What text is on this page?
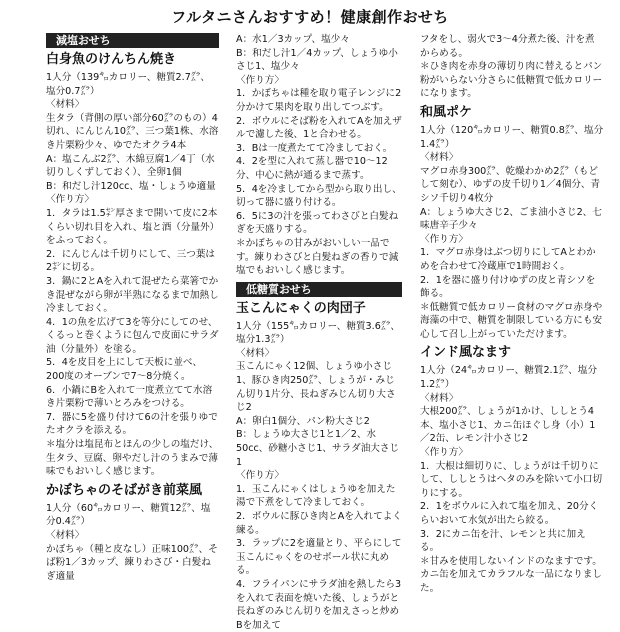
フルタニさんおすすめ！健康創作おせち
減塩おせち
白身魚のけんちん焼き
1人分（139㌔カロリー、糖質2.7㌘、塩分0.7㌘）
〈材料〉
生タラ（背側の厚い部分60㌘のもの）4切れ、にんじん10㌘、三つ葉1株、水溶き片栗粉少々、ゆでたオクラ4本
A：塩こんぶ2㌘、木綿豆腐1／4丁（水切りしくずしておく）、全卵1個
B：和だし汁120cc、塩・しょうゆ適量
〈作り方〉
1．タラは1.5㌢厚さまで開いて皮に2本くらい切れ目を入れ、塩と酒（分量外）をふっておく。
2．にんじんは千切りにして、三つ葉は2㌢に切る。
3．鍋に2とAを入れて混ぜたら菜箸でかき混ぜながら卵が半熟になるまで加熱し冷ましておく。
4．1の魚を広げて3を等分にしてのせ、くるっと巻くように包んで皮面にサラダ油（分量外）を塗る。
5．4を皮目を上にして天板に並べ、200度のオーブンで7～8分焼く。
6．小鍋にBを入れて一度煮立てて水溶き片栗粉で薄いとろみをつける。
7．器に5を盛り付けて6の汁を張りゆでたオクラを添える。
＊塩分は塩昆布とほんの少しの塩だけ、生タラ、豆腐、卵やだし汁のうまみで薄味でもおいしく感じます。
かぼちゃのそばがき前菜風
1人分（60㌔カロリー、糖質12㌘、塩分0.4㌘）
〈材料〉
かぼちゃ（種と皮なし）正味100㌘、そば粉1／3カップ、練りわさび・白髪ねぎ適量
A：水1／3カップ、塩少々
B：和だし汁1／4カップ、しょうゆ小さじ1、塩少々
〈作り方〉
1．かぼちゃは種を取り電子レンジに2分かけて果肉を取り出してつぶす。
2．ボウルにそば粉を入れてAを加えザルで濾した後、1と合わせる。
3．Bは一度煮たてて冷ましておく。
4．2を型に入れて蒸し器で10～12分、中心に熱が通るまで蒸す。
5．4を冷ましてから型から取り出し、切って器に盛り付ける。
6．5に3の汁を張ってわさびと白髪ねぎを天盛りする。
＊かぼちゃの甘みがおいしい一品です。練りわさびと白髪ねぎの香りで減塩でもおいしく感じます。
低糖質おせち
玉こんにゃくの肉団子
1人分（155㌔カロリー、糖質3.6㌘、塩分1.3㌘）
〈材料〉
玉こんにゃく12個、しょうゆ小さじ1、豚ひき肉250㌘、しょうが・みじん切り1片分、長ねぎみじん切り大さじ2
A：卵白1個分、パン粉大さじ2
B：しょうゆ大さじ1と1／2、水50cc、砂糖小さじ1、サラダ油大さじ1
〈作り方〉
1．玉こんにゃくはしょうゆを加えた湯で下煮をして冷ましておく。
2．ボウルに豚ひき肉とAを入れてよく練る。
3．ラップに2を適量とり、平らにして玉こんにゃくをのせボール状に丸める。
4．フライパンにサラダ油を熱したら3を入れて表面を焼いた後、しょうがと長ねぎのみじん切りを加えさっと炒めBを加えて
フタをし、弱火で3～4分煮た後、汁を煮からめる。
＊ひき肉を赤身の薄切り肉に替えるとパン粉がいらない分さらに低糖質で低カロリーになります。
和風ポケ
1人分（120㌔カロリー、糖質0.8㌘、塩分1.4㌘）
〈材料〉
マグロ赤身300㌘、乾燥わかめ2㌘（もどして刻む）、ゆずの皮千切り1／4個分、青シソ千切り4枚分
A：しょうゆ大さじ2、ごま油小さじ2、七味唐辛子少々
〈作り方〉
1．マグロ赤身はぶつ切りにしてAとわかめを合わせて冷蔵庫で1時間おく。
2．1を器に盛り付けゆずの皮と青シソを飾る。
＊低糖質で低カロリー食材のマグロ赤身や海藻の中で、糖質を制限している方にも安心して召し上がっていただけます。
インド風なます
1人分（24㌔カロリー、糖質2.1㌘、塩分1.2㌘）
〈材料〉
大根200㌘、しょうが1かけ、ししとう4本、塩小さじ1、カニ缶ほぐし身（小）1／2缶、レモン汁小さじ2
〈作り方〉
1．大根は細切りに、しょうがは千切りにして、ししとうはヘタのみを除いて小口切りにする。
2．1をボウルに入れて塩を加え、20分くらいおいて水気が出たら絞る。
3．2にカニ缶を汁、レモンと共に加える。
＊甘みを使用しないインドのなますです。カニ缶を加えてカラフルな一品になりました。
